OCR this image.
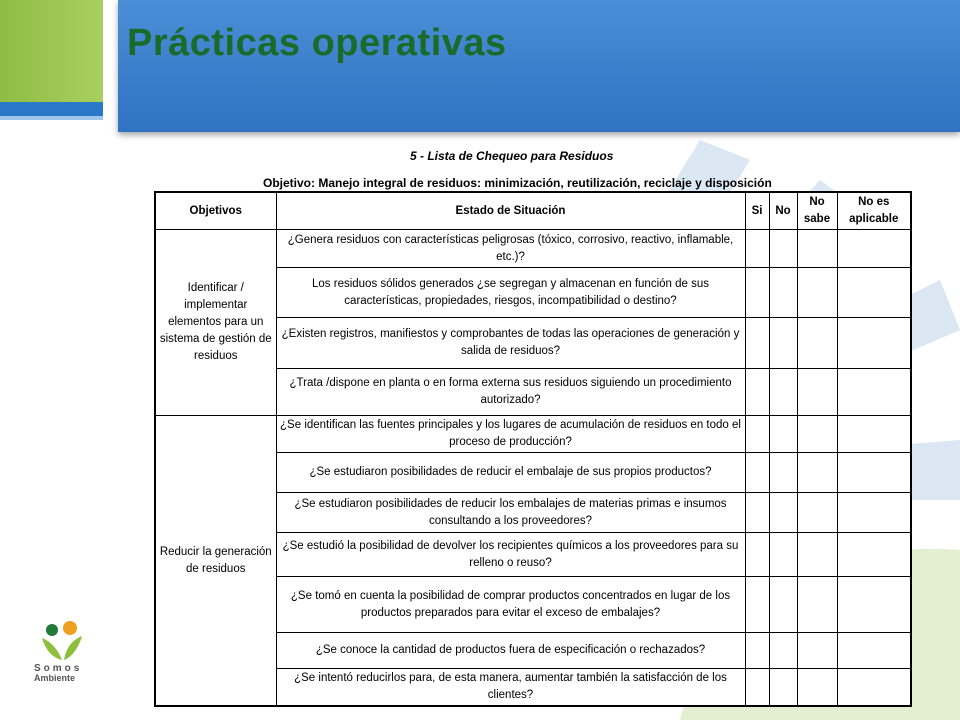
Prácticas operativas
5 - Lista de Chequeo para Residuos
Objetivo: Manejo integral de residuos: minimización, reutilización, reciclaje y disposición
Objetivos	Estado de Situación	Si	No	No sabe	No es aplicable
Identificar / implementar elementos para un sistema de gestión de residuos	¿Genera residuos con características peligrosas (tóxico, corrosivo, reactivo, inflamable, etc.)?				
	Los residuos sólidos generados ¿se segregan y almacenan en función de sus características, propiedades, riesgos, incompatibilidad o destino?				
	¿Existen registros, manifiestos y comprobantes de todas las operaciones de generación y salida de residuos?				
	¿Trata /dispone en planta o en forma externa sus residuos siguiendo un procedimiento autorizado?				
Reducir la generación de residuos	¿Se identifican las fuentes principales y los lugares de acumulación de residuos en todo el proceso de producción?				
	¿Se estudiaron posibilidades de reducir el embalaje de sus propios productos?				
	¿Se estudiaron posibilidades de reducir los embalajes de materias primas e insumos consultando a los proveedores?				
	¿Se estudió la posibilidad de devolver los recipientes químicos a los proveedores para su relleno o reuso?				
	¿Se tomó en cuenta la posibilidad de comprar productos concentrados en lugar de los productos preparados para evitar el exceso de embalajes?				
	¿Se conoce la cantidad de productos fuera de especificación o rechazados?				
	¿Se intentó reducirlos para, de esta manera, aumentar también la satisfacción de los clientes?				
Somos
Ambiente
